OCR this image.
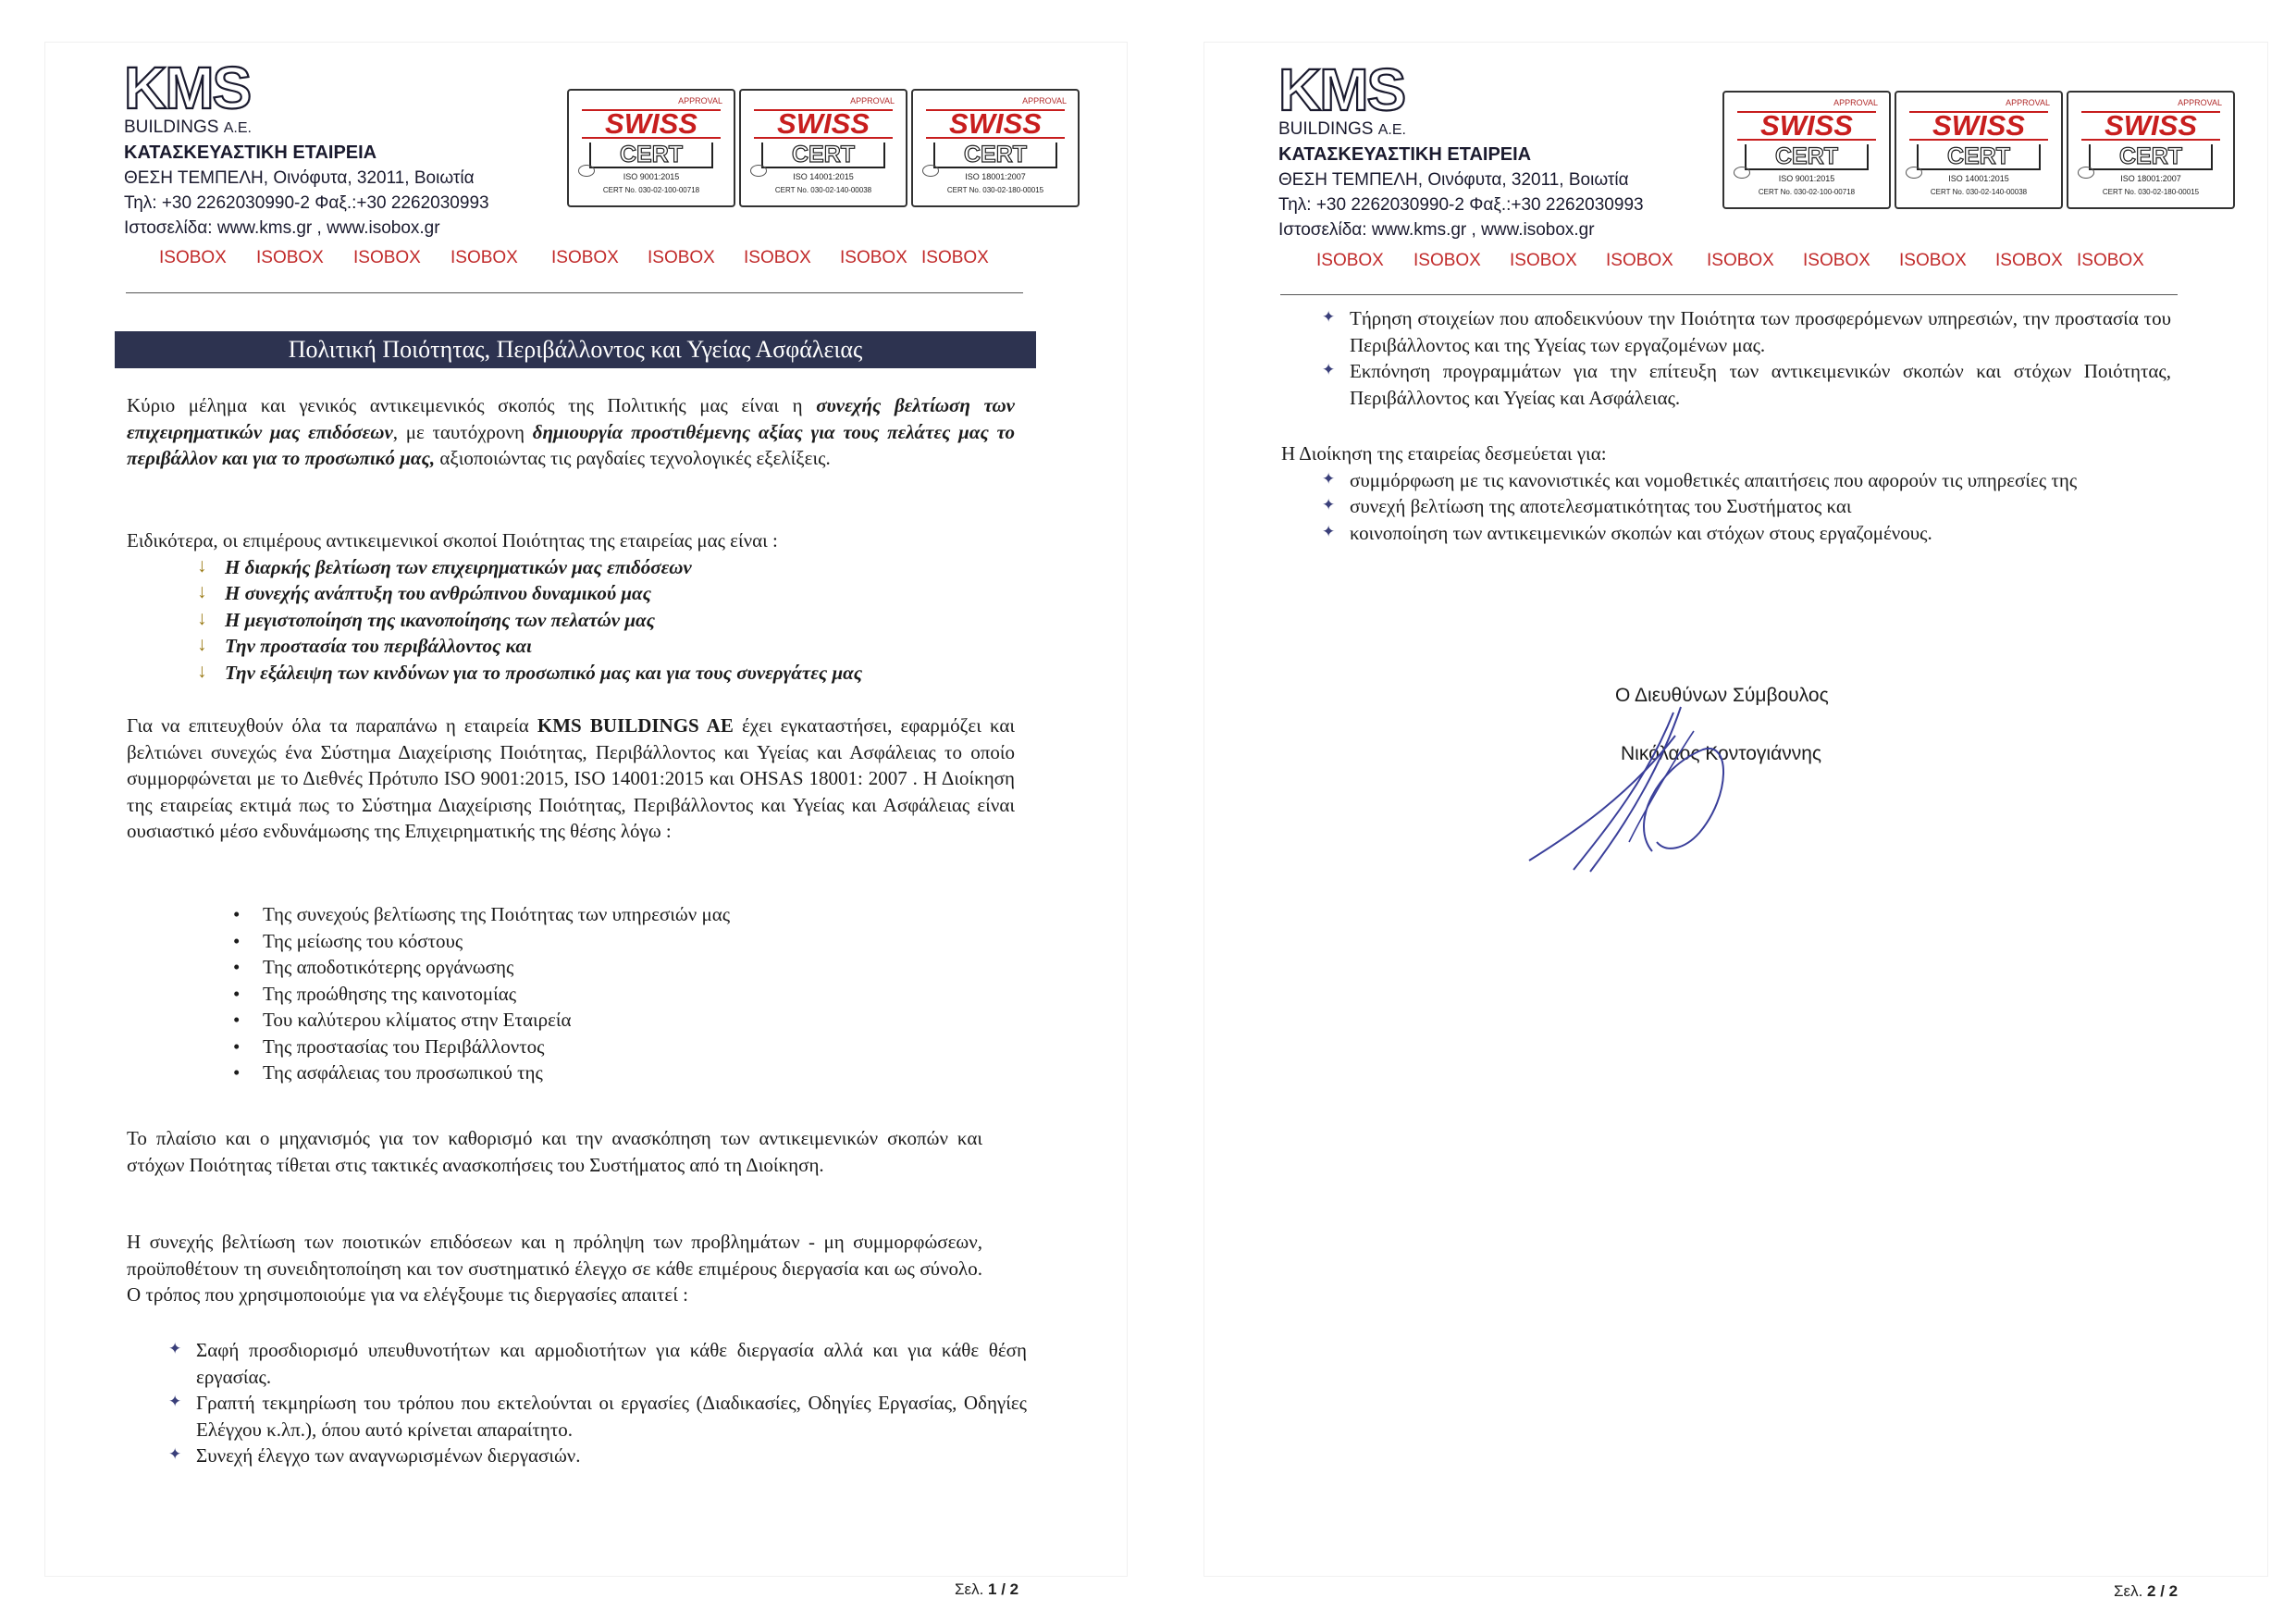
KMS
BUILDINGS A.E.
ΚΑΤΑΣΚΕΥΑΣΤΙΚΗ ΕΤΑΙΡΕΙΑ
ΘΕΣΗ ΤΕΜΠΕΛΗ, Οινόφυτα, 32011, Βοιωτία
Τηλ: +30 2262030990-2 Φαξ.:+30 2262030993
Ιστοσελίδα: www.kms.gr , www.isobox.gr
APPROVAL
SWISS
CERT
ISO 9001:2015
CERT No. 030-02-100-00718
APPROVAL
SWISS
CERT
ISO 14001:2015
CERT No. 030-02-140-00038
APPROVAL
SWISS
CERT
ISO 18001:2007
CERT No. 030-02-180-00015
ISOBOX ISOBOX ISOBOX ISOBOX ISOBOX ISOBOX ISOBOX ISOBOX ISOBOX
Πολιτική Ποιότητας, Περιβάλλοντος και Υγείας Ασφάλειας
Κύριο μέλημα και γενικός αντικειμενικός σκοπός της Πολιτικής μας είναι η συνεχής βελτίωση των επιχειρηματικών μας επιδόσεων, με ταυτόχρονη δημιουργία προστιθέμενης αξίας για τους πελάτες μας το περιβάλλον και για το προσωπικό μας, αξιοποιώντας τις ραγδαίες τεχνολογικές εξελίξεις.

Ειδικότερα, οι επιμέρους αντικειμενικοί σκοποί Ποιότητας της εταιρείας μας είναι :

↓ Η διαρκής βελτίωση των επιχειρηματικών μας επιδόσεων
↓ Η συνεχής ανάπτυξη του ανθρώπινου δυναμικού μας
↓ Η μεγιστοποίηση της ικανοποίησης των πελατών μας
↓ Την προστασία του περιβάλλοντος και
↓ Την εξάλειψη των κινδύνων για το προσωπικό μας και για τους συνεργάτες μας
Για να επιτευχθούν όλα τα παραπάνω η εταιρεία KMS BUILDINGS AE έχει εγκαταστήσει, εφαρμόζει και βελτιώνει συνεχώς ένα Σύστημα Διαχείρισης Ποιότητας, Περιβάλλοντος και Υγείας και Ασφάλειας το οποίο συμμορφώνεται με το Διεθνές Πρότυπο ISO 9001:2015, ISO 14001:2015 και OHSAS 18001: 2007 . Η Διοίκηση της εταιρείας εκτιμά πως το Σύστημα Διαχείρισης Ποιότητας, Περιβάλλοντος και Υγείας και Ασφάλειας είναι ουσιαστικό μέσο ενδυνάμωσης της Επιχειρηματικής της θέσης λόγω :
• Της συνεχούς βελτίωσης της Ποιότητας των υπηρεσιών μας
• Της μείωσης του κόστους
• Της αποδοτικότερης οργάνωσης
• Της προώθησης της καινοτομίας
• Του καλύτερου κλίματος στην Εταιρεία
• Της προστασίας του Περιβάλλοντος
• Της ασφάλειας του προσωπικού της
Το πλαίσιο και ο μηχανισμός για τον καθορισμό και την ανασκόπηση των αντικειμενικών σκοπών και στόχων Ποιότητας τίθεται στις τακτικές ανασκοπήσεις του Συστήματος από τη Διοίκηση.
Η συνεχής βελτίωση των ποιοτικών επιδόσεων και η πρόληψη των προβλημάτων - μη συμμορφώσεων, προϋποθέτουν τη συνειδητοποίηση και τον συστηματικό έλεγχο σε κάθε επιμέρους διεργασία και ως σύνολο. Ο τρόπος που χρησιμοποιούμε για να ελέγξουμε τις διεργασίες απαιτεί :
✦ Σαφή προσδιορισμό υπευθυνοτήτων και αρμοδιοτήτων για κάθε διεργασία αλλά και για κάθε θέση εργασίας.
✦ Γραπτή τεκμηρίωση του τρόπου που εκτελούνται οι εργασίες (Διαδικασίες, Οδηγίες Εργασίας, Οδηγίες Ελέγχου κ.λπ.), όπου αυτό κρίνεται απαραίτητο.
✦ Συνεχή έλεγχο των αναγνωρισμένων διεργασιών.
Σελ. 1 / 2
KMS
BUILDINGS A.E.
ΚΑΤΑΣΚΕΥΑΣΤΙΚΗ ΕΤΑΙΡΕΙΑ
ΘΕΣΗ ΤΕΜΠΕΛΗ, Οινόφυτα, 32011, Βοιωτία
Τηλ: +30 2262030990-2 Φαξ.:+30 2262030993
Ιστοσελίδα: www.kms.gr , www.isobox.gr
APPROVAL
SWISS
CERT
ISO 9001:2015
CERT No. 030-02-100-00718
APPROVAL
SWISS
CERT
ISO 14001:2015
CERT No. 030-02-140-00038
APPROVAL
SWISS
CERT
ISO 18001:2007
CERT No. 030-02-180-00015
ISOBOX ISOBOX ISOBOX ISOBOX ISOBOX ISOBOX ISOBOX ISOBOX ISOBOX
✦ Τήρηση στοιχείων που αποδεικνύουν την Ποιότητα των προσφερόμενων υπηρεσιών, την προστασία του Περιβάλλοντος και της Υγείας των εργαζομένων μας.
✦ Εκπόνηση προγραμμάτων για την επίτευξη των αντικειμενικών σκοπών και στόχων Ποιότητας, Περιβάλλοντος και Υγείας και Ασφάλειας.

Η Διοίκηση της εταιρείας δεσμεύεται για:

✦ συμμόρφωση με τις κανονιστικές και νομοθετικές απαιτήσεις που αφορούν τις υπηρεσίες της
✦ συνεχή βελτίωση της αποτελεσματικότητας του Συστήματος και
✦ κοινοποίηση των αντικειμενικών σκοπών και στόχων στους εργαζομένους.
Ο Διευθύνων Σύμβουλος
Νικόλαος Κοντογιάννης
Σελ. 2 / 2
